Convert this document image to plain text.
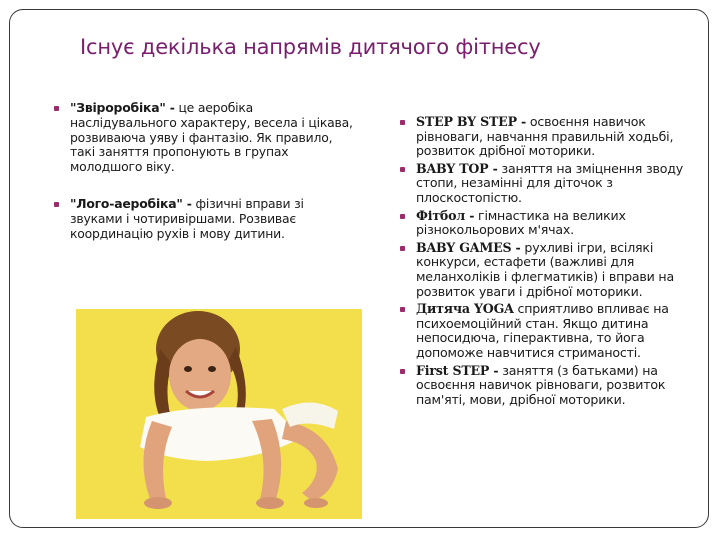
Існує декілька напрямів дитячого фітнесу
"Звіроробіка" - це аеробіка наслідувального характеру, весела і цікава, розвиваюча уяву і фантазію. Як правило, такі заняття пропонують в групах молодшого віку.
"Лого-аеробіка" - фізичні вправи зі звуками і чотиривіршами. Розвиває координацію рухів і мову дитини.
STEP BY STEP - освоєння навичок рівноваги, навчання правильній ходьбі, розвиток дрібної моторики.
BABY TOP - заняття на зміцнення зводу стопи, незамінні для діточок з плоскостопістю.
Фітбол - гімнастика на великих різнокольорових м'ячах.
BABY GAMES - рухливі ігри, всілякі конкурси, естафети (важливі для меланхоліків і флегматиків) і вправи на розвиток уваги і дрібної моторики.
Дитяча YOGA сприятливо впливає на психоемоційний стан. Якщо дитина непосидюча, гіперактивна, то йога допоможе навчитися стриманості.
First STEP - заняття (з батьками) на освоєння навичок рівноваги, розвиток пам'яті, мови, дрібної моторики.
